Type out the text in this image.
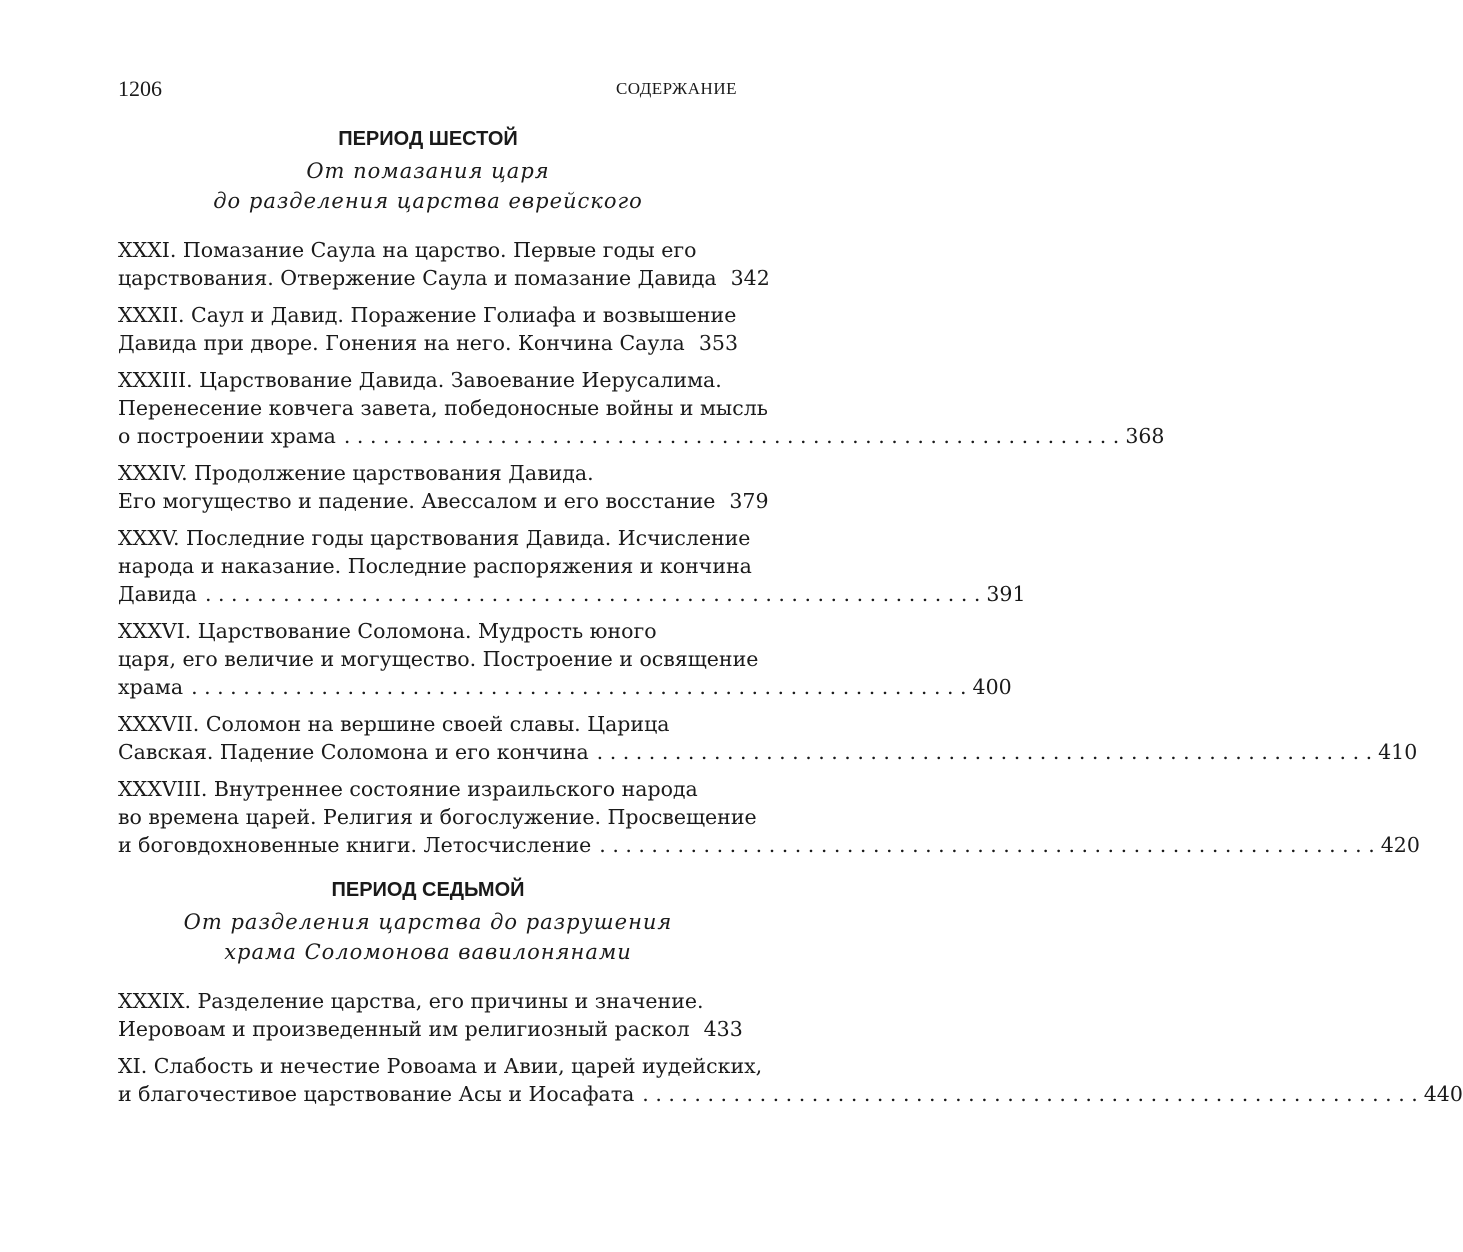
1206	СОДЕРЖАНИЕ
ПЕРИОД ШЕСТОЙ

От помазания царя
до разделения царства еврейского

XXXI. Помазание Саула на царство. Первые годы его
царствования. Отвержение Саула и помазание Давида 342
XXXII. Саул и Давид. Поражение Голиафа и возвышение
Давида при дворе. Гонения на него. Кончина Саула 353
XXXIII. Царствование Давида. Завоевание Иерусалима.
Перенесение ковчега завета, победоносные войны и мысль
о построении храма . . . . . . . . . . . . . . . . . . . . . . . . . . . . . . . . . . . . . . . . . . . . . . . . . . . . . . . . . . . . 368
XXXIV. Продолжение царствования Давида.
Его могущество и падение. Авессалом и его восстание 379
XXXV. Последние годы царствования Давида. Исчисление
народа и наказание. Последние распоряжения и кончина
Давида . . . . . . . . . . . . . . . . . . . . . . . . . . . . . . . . . . . . . . . . . . . . . . . . . . . . . . . . . . . . 391
XXXVI. Царствование Соломона. Мудрость юного
царя, его величие и могущество. Построение и освящение
храма . . . . . . . . . . . . . . . . . . . . . . . . . . . . . . . . . . . . . . . . . . . . . . . . . . . . . . . . . . . . 400
XXXVII. Соломон на вершине своей славы. Царица
Савская. Падение Соломона и его кончина . . . . . . . . . . . . . . . . . . . . . . . . . . . . . . . . . . . . . . . . . . . . . . . . . . . . . . . . . . . . 410
XXXVIII. Внутреннее состояние израильского народа
во времена царей. Религия и богослужение. Просвещение
и боговдохновенные книги. Летосчисление . . . . . . . . . . . . . . . . . . . . . . . . . . . . . . . . . . . . . . . . . . . . . . . . . . . . . . . . . . . . 420
ПЕРИОД СЕДЬМОЙ

От разделения царства до разрушения
храма Соломонова вавилонянами

XXXIX. Разделение царства, его причины и значение.
Иеровоам и произведенный им религиозный раскол 433
XI. Слабость и нечестие Ровоама и Авии, царей иудейских,
и благочестивое царствование Асы и Иосафата . . . . . . . . . . . . . . . . . . . . . . . . . . . . . . . . . . . . . . . . . . . . . . . . . . . . . . . . . . . . 440
